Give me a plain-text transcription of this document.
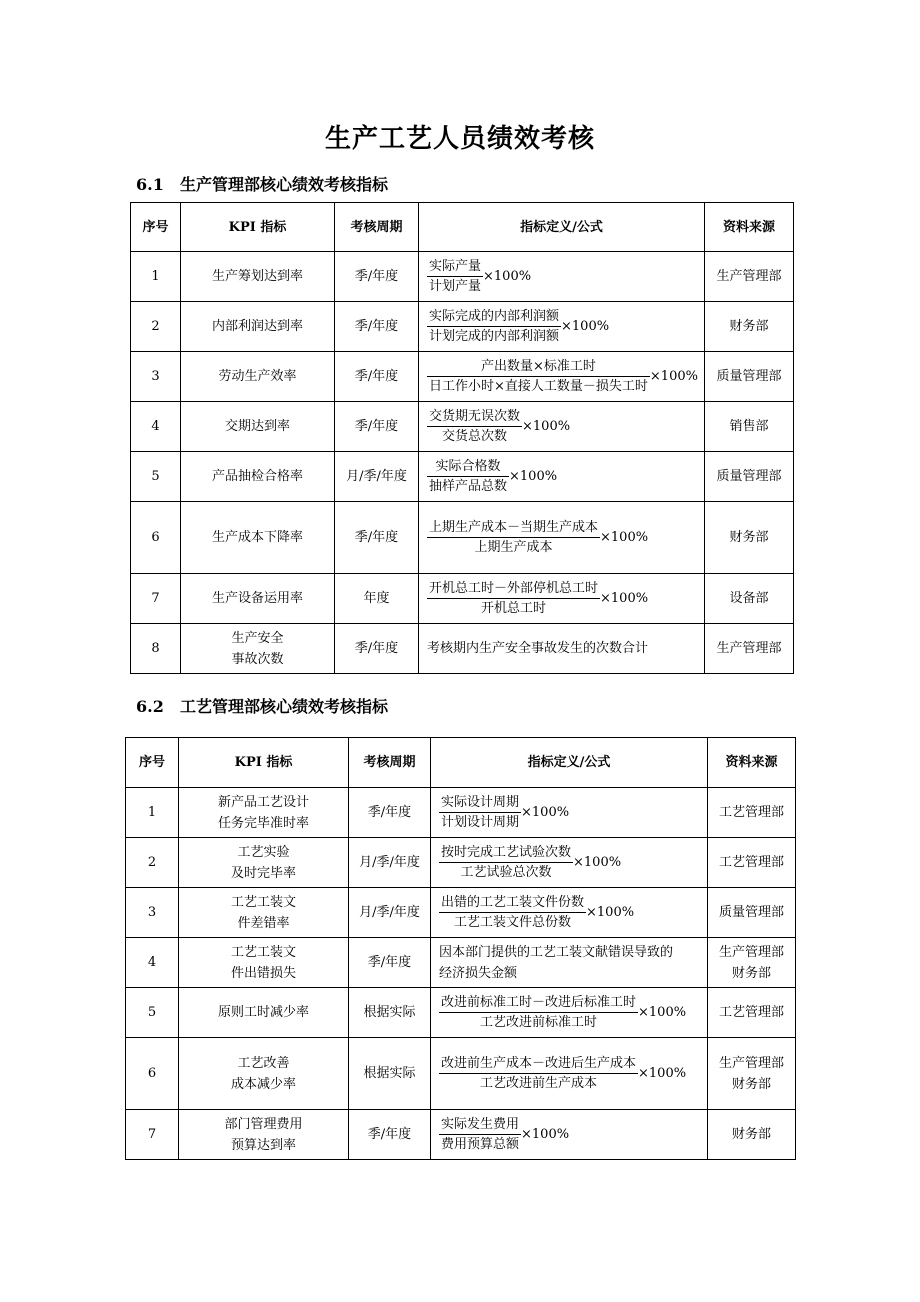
生产工艺人员绩效考核
6.1 生产管理部核心绩效考核指标
序号	KPI 指标	考核周期	指标定义/公式	资料来源
1	生产筹划达到率	季/年度	$\frac{\text{实际产量}}{\text{计划产量}} \times 100\%$	生产管理部
2	内部利润达到率	季/年度	$\frac{\text{实际完成的内部利润额}}{\text{计划完成的内部利润额}} \times 100\%$	财务部
3	劳动生产效率	季/年度	$\frac{\text{产出数量×标准工时}}{\text{日工作小时×直接人工数量－损失工时}} \times 100\%$	质量管理部
4	交期达到率	季/年度	$\frac{\text{交货期无误次数}}{\text{交货总次数}} \times 100\%$	销售部
5	产品抽检合格率	月/季/年度	$\frac{\text{实际合格数}}{\text{抽样产品总数}} \times 100\%$	质量管理部
6	生产成本下降率	季/年度	$\frac{\text{上期生产成本－当期生产成本}}{\text{上期生产成本}} \times 100\%$	财务部
7	生产设备运用率	年度	$\frac{\text{开机总工时－外部停机总工时}}{\text{开机总工时}} \times 100\%$	设备部
8	生产安全
事故次数	季/年度	考核期内生产安全事故发生的次数合计	生产管理部
6.2 工艺管理部核心绩效考核指标
序号	KPI 指标	考核周期	指标定义/公式	资料来源
1	新产品工艺设计
任务完毕准时率	季/年度	$\frac{\text{实际设计周期}}{\text{计划设计周期}} \times 100\%$	工艺管理部
2	工艺实验
及时完毕率	月/季/年度	$\frac{\text{按时完成工艺试验次数}}{\text{工艺试验总次数}} \times 100\%$	工艺管理部
3	工艺工装文
件差错率	月/季/年度	$\frac{\text{出错的工艺工装文件份数}}{\text{工艺工装文件总份数}} \times 100\%$	质量管理部
4	工艺工装文
件出错损失	季/年度	因本部门提供的工艺工装文献错误导致的
经济损失金额	生产管理部
财务部
5	原则工时减少率	根据实际	$\frac{\text{改进前标准工时－改进后标准工时}}{\text{工艺改进前标准工时}} \times 100\%$	工艺管理部
6	工艺改善
成本减少率	根据实际	$\frac{\text{改进前生产成本－改进后生产成本}}{\text{工艺改进前生产成本}} \times 100\%$	生产管理部
财务部
7	部门管理费用
预算达到率	季/年度	$\frac{\text{实际发生费用}}{\text{费用预算总额}} \times 100\%$	财务部
